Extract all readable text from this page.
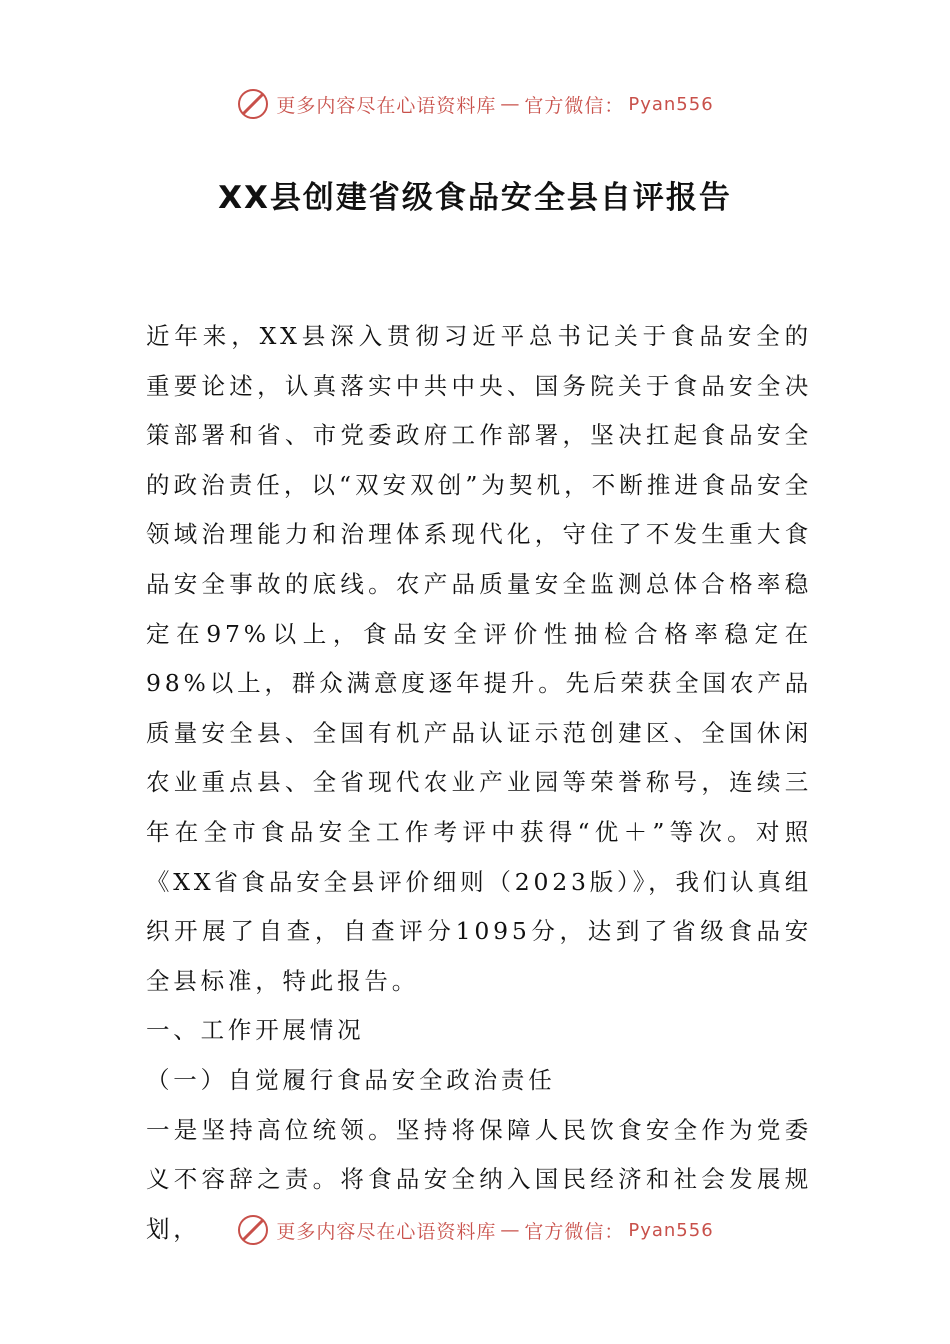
更多内容尽在心语资料库 — 官方微信： Pyan556
XX县创建省级食品安全县自评报告

近年来，XX县深入贯彻习近平总书记关于食品安全的重要论述，认真落实中共中央、国务院关于食品安全决策部署和省、市党委政府工作部署，坚决扛起食品安全的政治责任，以“双安双创”为契机，不断推进食品安全领域治理能力和治理体系现代化，守住了不发生重大食品安全事故的底线。农产品质量安全监测总体合格率稳定在97%以上，食品安全评价性抽检合格率稳定在98%以上，群众满意度逐年提升。先后荣获全国农产品质量安全县、全国有机产品认证示范创建区、全国休闲农业重点县、全省现代农业产业园等荣誉称号，连续三年在全市食品安全工作考评中获得“优＋”等次。对照《XX省食品安全县评价细则（2023版）》，我们认真组织开展了自查，自查评分1095分，达到了省级食品安全县标准，特此报告。

一、工作开展情况

（一）自觉履行食品安全政治责任

一是坚持高位统领。坚持将保障人民饮食安全作为党委义不容辞之责。将食品安全纳入国民经济和社会发展规划，	更多内容尽在心语资料库 — 官方微信： Pyan556
